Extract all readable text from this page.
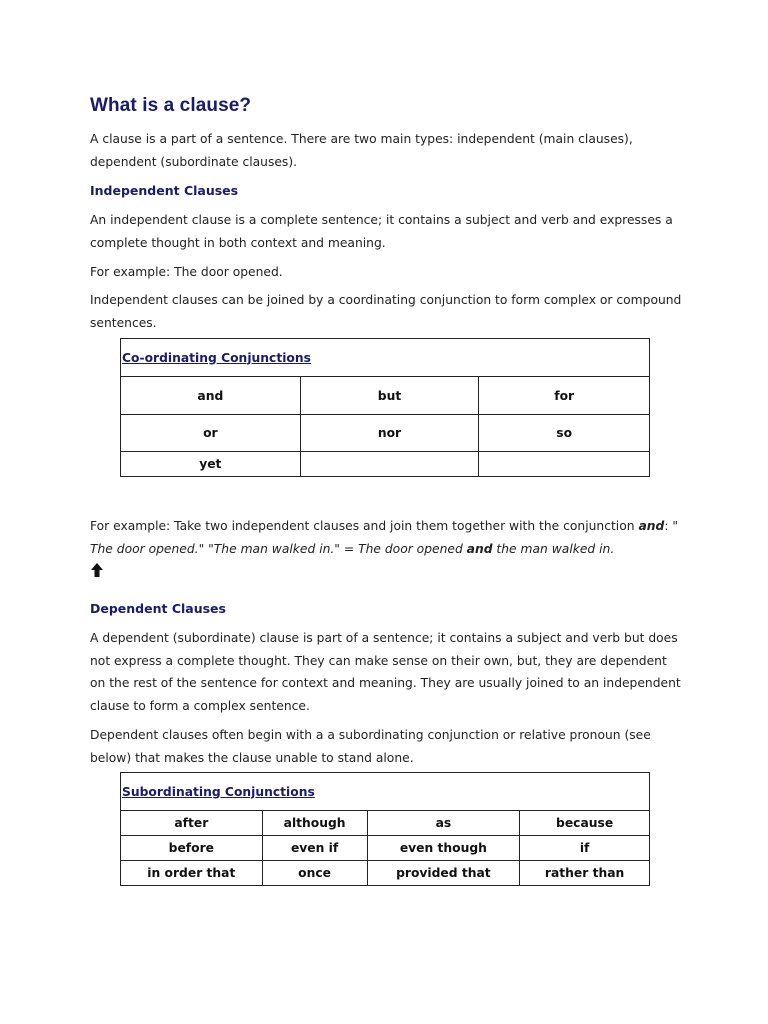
What is a clause?

A clause is a part of a sentence. There are two main types: independent (main clauses), dependent (subordinate clauses).

Independent Clauses

An independent clause is a complete sentence; it contains a subject and verb and expresses a complete thought in both context and meaning.

For example: The door opened.

Independent clauses can be joined by a coordinating conjunction to form complex or compound sentences.

Co-ordinating Conjunctions		
and	but	for
or	nor	so
yet		

For example: Take two independent clauses and join them together with the conjunction and: " The door opened." "The man walked in." = The door opened and the man walked in.

Dependent Clauses

A dependent (subordinate) clause is part of a sentence; it contains a subject and verb but does not express a complete thought. They can make sense on their own, but, they are dependent on the rest of the sentence for context and meaning. They are usually joined to an independent clause to form a complex sentence.

Dependent clauses often begin with a a subordinating conjunction or relative pronoun (see below) that makes the clause unable to stand alone.

Subordinating Conjunctions			
after	although	as	because
before	even if	even though	if
in order that	once	provided that	rather than
